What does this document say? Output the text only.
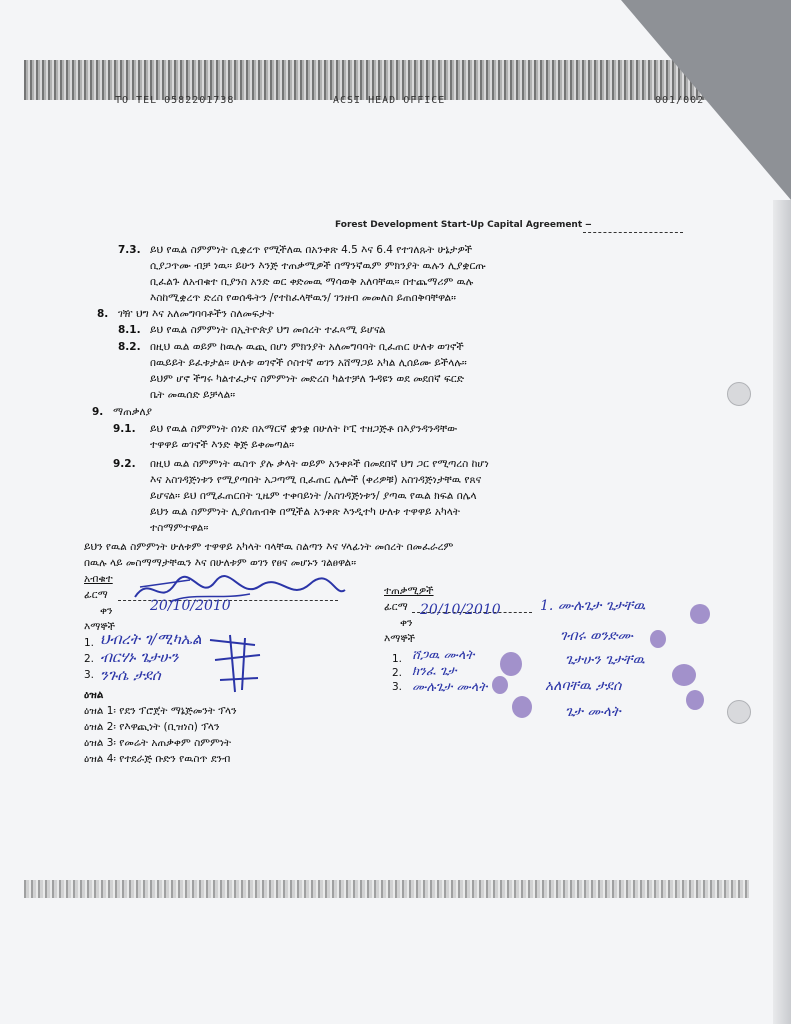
TO TEL 0582201738	ACSI HEAD OFFICE	001/002
Forest Development Start-Up Capital Agreement ‒
7.3. ይህ የዉል ስምምነት ሲቋረጥ የሚችለዉ በአንቀጽ 4.5 እና 6.4 የተገለጹት ሁኔታዎች
ሲያጋጥሙ ብቻ ነዉ። ይሁን እንጅ ተጠቃሚዎች በማንኛዉም ምክንያት ዉሉን ሊያቋርጡ
ቢፈልጉ ለአብቁተ ቢያንስ አንድ ወር ቀድመዉ ማሳወቅ አለባቸዉ። በተጨማሪም ዉሉ
እስከሚቋረጥ ድረስ የወሰዱትን /የተከፈላቸዉን/ ገንዘብ መመለስ ይጠበቅባቸዋል።
8. ገዥ ህግ እና አለመግባባቶችን ስለመፍታት
8.1. ይህ የዉል ስምምነት በኢትዮጵያ ህግ መሰረት ተፈጻሚ ይሆናል
8.2. በዚህ ዉል ወይም ከዉሉ ዉጪ በሆነ ምክንያት አለመግባባት ቢፈጠር ሁለቱ ወገኖች
በዉይይት ይፈቱታል። ሁለቱ ወገኖች ሶስተኛ ወገን አሸማጋይ አካል ሊሰይሙ ይችላሉ።
ይህም ሆኖ ችግሩ ካልተፈታና ስምምነት መድረስ ካልተቻለ ጉዳዩን ወደ መደበኛ ፍርድ
ቤት መዉሰድ ይቻላል።
9. ማጠቃለያ
9.1. ይህ የዉል ስምምነት ሰነድ በአማርኛ ቋንቋ በሁለት ኮፒ ተዘጋጅቶ በእያንዳንዳቸው
ተዋዋይ ወገኖች እንድ ቅጅ ይቀመጣል።
9.2. በዚህ ዉል ስምምነት ዉስጥ ያሉ ቃላት ወይም አንቀጾች በመደበኛ ህግ ጋር የሚጣረስ ከሆነ
እና አስገዳጅነቱን የሚያጣበት አጋጣሚ ቢፈጠር ሌሎች (ቀሪዎቹ) አስገዳጅነታቸዉ የጸና
ይሆናል። ይህ በሚፈጠርበት ጊዜም ተቀባይነት /አስገዳጅነቱን/ ያጣዉ የዉል ክፍል በሌላ
ይህን ዉል ስምምነት ሊያሰጠብቅ በሚችል አንቀጽ እንዲተካ ሁለቱ ተዋዋይ አካላት
ተስማምተዋል።
ይህን የዉል ስምምነት ሁለቱም ተዋዋይ አካላት ባላቸዉ ስልጣን እና ሃላፊነት መሰረት በመፈራረም
በዉሉ ላይ መስማማታቸዉን እና በሁለቱም ወገን የፀና መሆኑን ገልፀዋል።
አብቁተ
ፊርማ
ቀን
እማኞች
1.
2.
3.
ተጠቃሚዎች
ፊርማ
ቀን
እማኞች
1.
2.
3.
ዕዝል
ዕዝል 1፡ የደን ፕሮጀት ማኔጅመንት ፕላን
ዕዝል 2፡ የእዋጪነት (ቢዝነስ) ፕላን
ዕዝል 3፡ የመሬት አጠቃቀም ስምምነት
ዕዝል 4፡ የተደራጅ ቡድን የዉስጥ ደንብ
20/10/2010
ህብረት ገ/ሚካኤል
ብርሃኑ ጌታሁን
ንጉሴ ታደሰ
20/10/2010
ሸጋዉ ሙላት
ክንፈ ጌታ
ሙሉጌታ ሙላት
1. ሙሉጌታ ጌታቸዉ
ገብሩ ወንድሙ
ጌታሁን ጌታቸዉ
አለባቸዉ ታደሰ
ጌታ ሙላት
